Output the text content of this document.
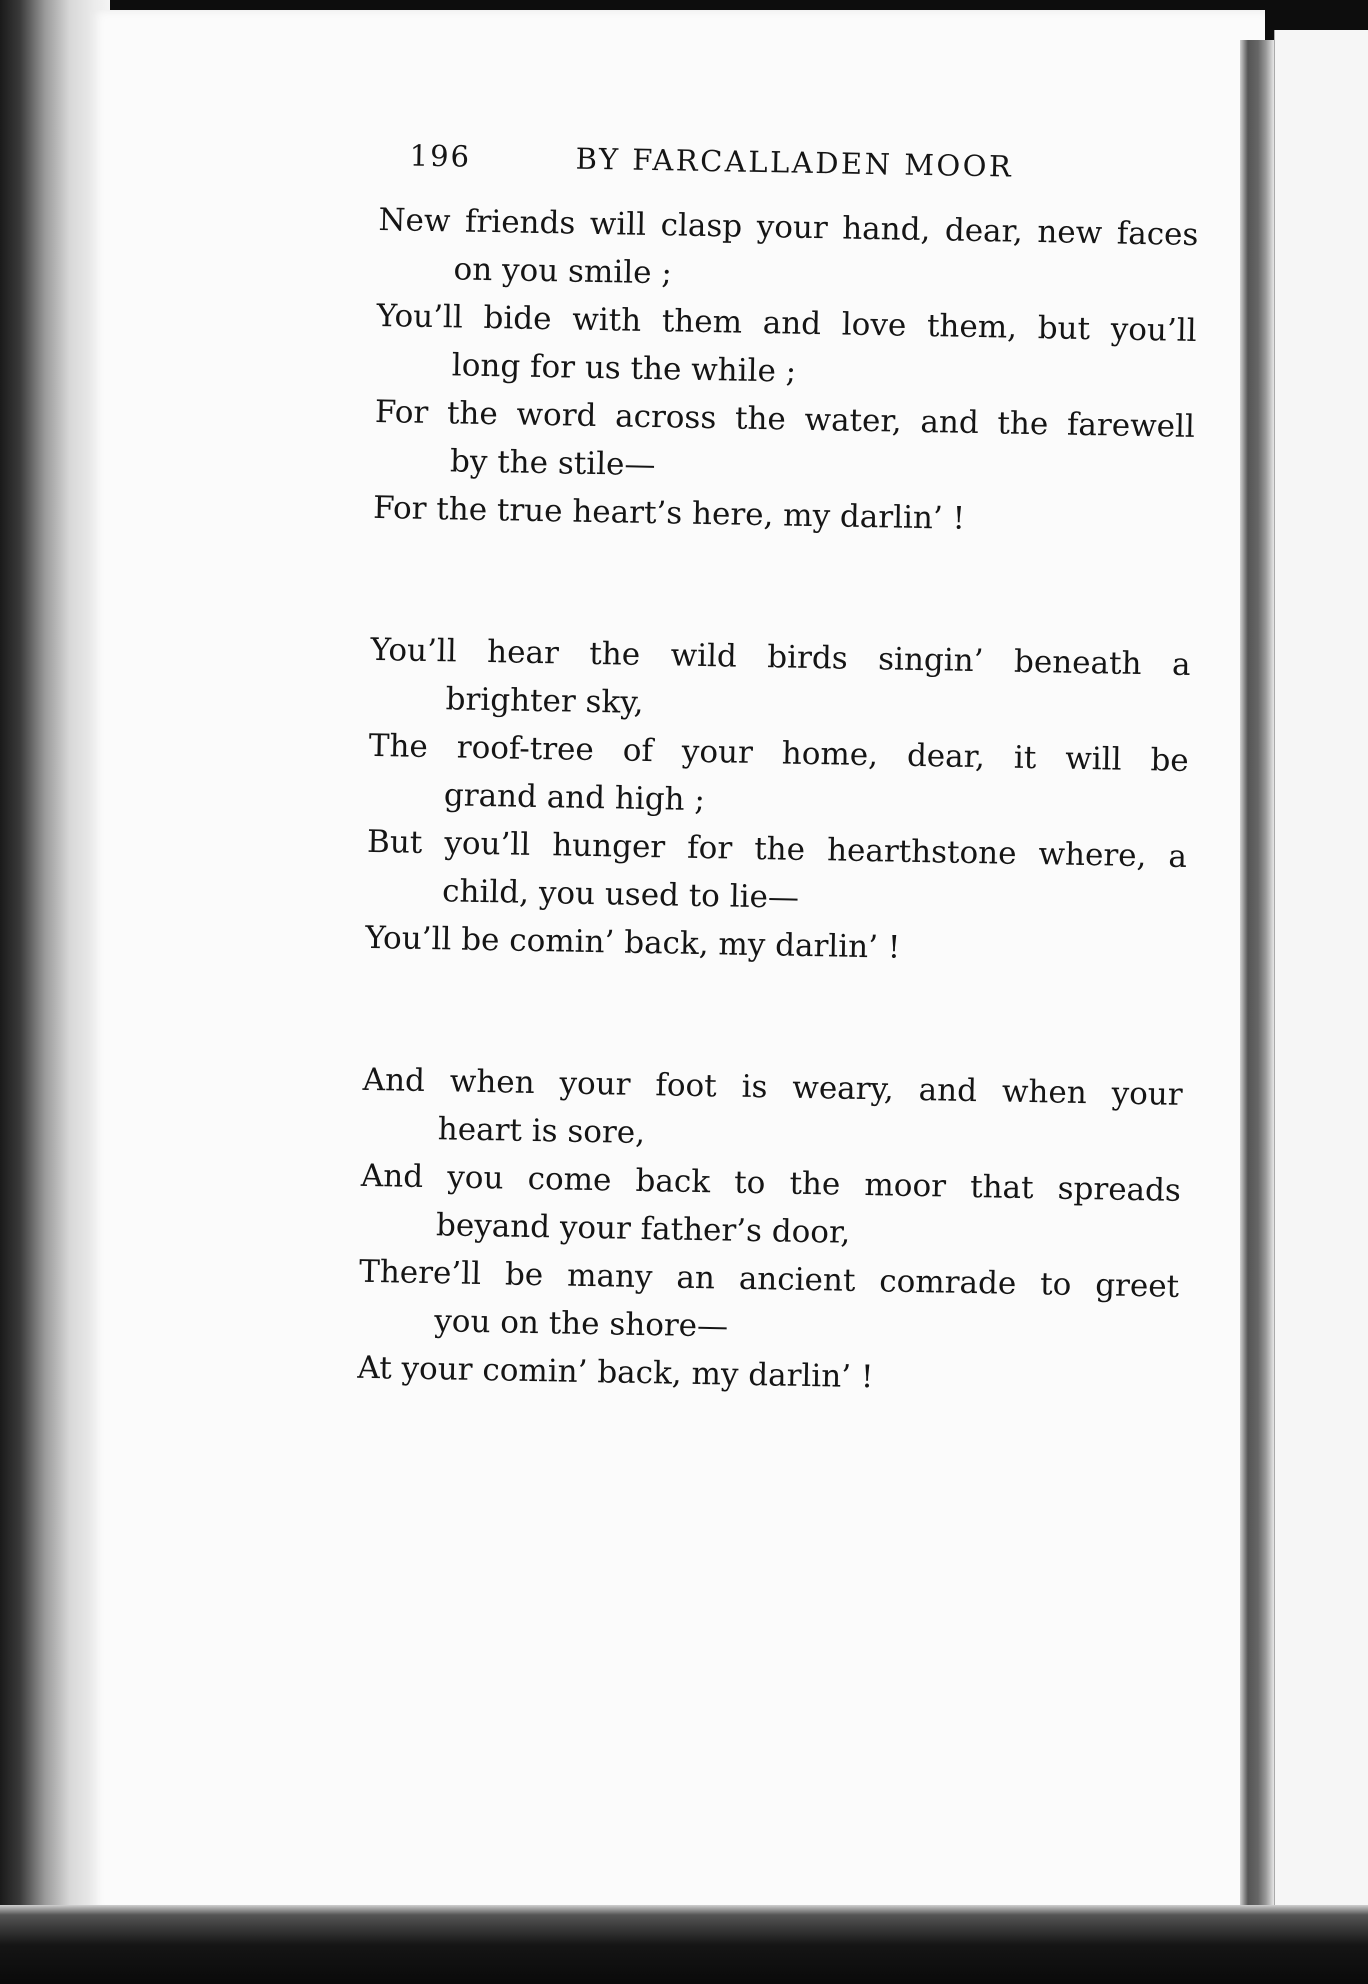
196	BY FARCALLADEN MOOR

New friends will clasp your hand, dear, new faces

on you smile ;

You’ll bide with them and love them, but you’ll

long for us the while ;

For the word across the water, and the farewell

by the stile—

For the true heart’s here, my darlin’ !

You’ll hear the wild birds singin’ beneath a

brighter sky,

The roof-tree of your home, dear, it will be

grand and high ;

But you’ll hunger for the hearthstone where, a

child, you used to lie—

You’ll be comin’ back, my darlin’ !

And when your foot is weary, and when your

heart is sore,

And you come back to the moor that spreads

beyand your father’s door,

There’ll be many an ancient comrade to greet

you on the shore—

At your comin’ back, my darlin’ !
